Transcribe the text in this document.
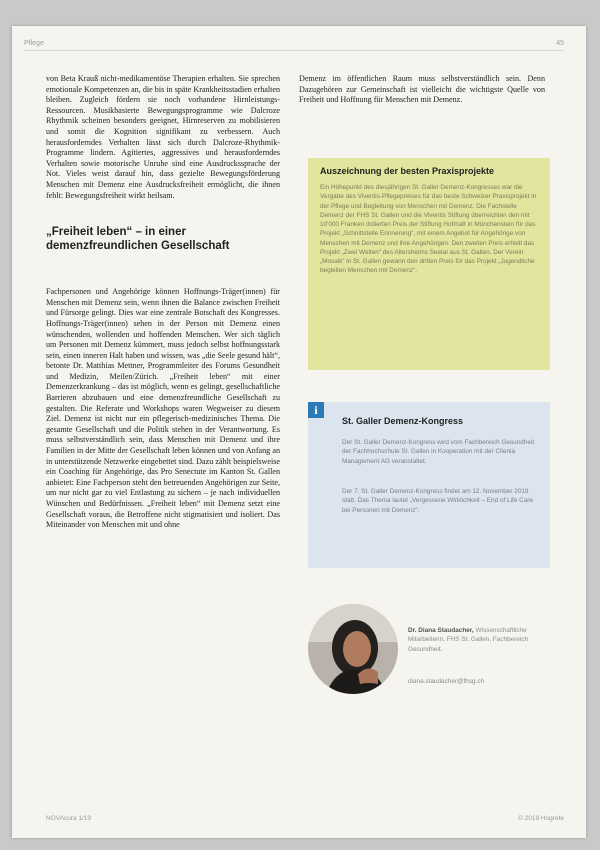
Pflege	45

von Beta Krauß nicht-medikamentöse Therapien erhalten. Sie sprechen emotionale Kompetenzen an, die bis in späte Krankheitsstadien erhalten bleiben. Zugleich fördern sie noch vorhandene Hirnleistungs-Ressourcen. Musikbasierte Bewegungsprogramme wie Dalcroze Rhythmik scheinen besonders geeignet, Hirnreserven zu mobilisieren und somit die Kognition signifikant zu verbessern. Auch herausforderndes Verhalten lässt sich durch Dalcroze-Rhythmik-Programme lindern. Agitiertes, aggressives und herausforderndes Verhalten sowie motorische Unruhe sind eine Ausdruckssprache der Not. Vieles weist darauf hin, dass gezielte Bewegungsförderung Menschen mit Demenz eine Ausdrucksfreiheit ermöglicht, die ihnen fehlt: Bewegungsfreiheit wirkt heilsam.

„Freiheit leben“ – in einer demenzfreundlichen Gesellschaft

Fachpersonen und Angehörige können Hoffnungs-Träger(innen) für Menschen mit Demenz sein, wenn ihnen die Balance zwischen Freiheit und Fürsorge gelingt. Dies war eine zentrale Botschaft des Kongresses. Hoffnungs-Träger(innen) sehen in der Person mit Demenz einen wünschenden, wollenden und hoffenden Menschen. Wer sich täglich um Personen mit Demenz kümmert, muss jedoch selbst hoffnungsstark sein, einen inneren Halt haben und wissen, was „die Seele gesund hält“, betonte Dr. Matthias Mettner, Programmleiter des Forums Gesundheit und Medizin, Meilen/Zürich. „Freiheit leben“ mit einer Demenzerkrankung – das ist möglich, wenn es gelingt, gesellschaftliche Barrieren abzubauen und eine demenzfreundliche Gesellschaft zu gestalten. Die Referate und Workshops waren Wegweiser zu diesem Ziel. Demenz ist nicht nur ein pflegerisch-medizinisches Thema. Die gesamte Gesellschaft und die Politik stehen in der Verantwortung. Es muss selbstverständlich sein, dass Menschen mit Demenz und ihre Familien in der Mitte der Gesellschaft leben können und von Anfang an in unterstützende Netzwerke eingebettet sind. Dazu zählt beispielsweise ein Coaching für Angehörige, das Pro Senectute im Kanton St. Gallen anbietet: Eine Fachperson steht den betreuenden Angehörigen zur Seite, um nur nicht gar zu viel Entlastung zu sichern – je nach individuellen Wünschen und Bedürfnissen. „Freiheit leben“ mit Demenz setzt eine Gesellschaft voraus, die Betroffene nicht stigmatisiert und isoliert. Das Miteinander von Menschen mit und ohne

Demenz im öffentlichen Raum muss selbstverständlich sein. Denn Dazugehören zur Gemeinschaft ist vielleicht die wichtigste Quelle von Freiheit und Hoffnung für Menschen mit Demenz.

Auszeichnung der besten Praxisprojekte

Ein Höhepunkt des diesjährigen St. Galler Demenz-Kongresses war die Vergabe des Viventis-Pflegepreises für das beste Schweizer Praxisprojekt in der Pflege und Begleitung von Menschen mit Demenz. Die Fachstelle Demenz der FHS St. Gallen und die Viventis Stiftung überreichten den mit 10'000 Franken dotierten Preis der Stiftung Hofmatt in Münchenstein für das Projekt „Schnittstelle Erinnerung“, mit einem Angebot für Angehörige von Menschen mit Demenz und ihre Angehörigen. Den zweiten Preis erhielt das Projekt „Zwei Welten“ des Altersheims Seetal aus St. Gallen. Der Verein „Mosaik“ in St. Gallen gewann den dritten Preis für das Projekt „Jugendliche begleiten Menschen mit Demenz“.

i
St. Galler Demenz-Kongress

Der St. Galler Demenz-Kongress wird vom Fachbereich Gesundheit der Fachhochschule St. Gallen in Kooperation mit der Clienia Management AG veranstaltet.

Der 7. St. Galler Demenz-Kongress findet am 12. November 2019 statt. Das Thema lautet „Vergessene Wirklichkeit – End of Life Care bei Personen mit Demenz“.

Dr. Diana Staudacher, Wissenschaftliche Mitarbeiterin, FHS St. Gallen, Fachbereich Gesundheit.

diana.staudacher@fhsg.ch
NOVAcura 1/19	© 2019 Hogrefe
